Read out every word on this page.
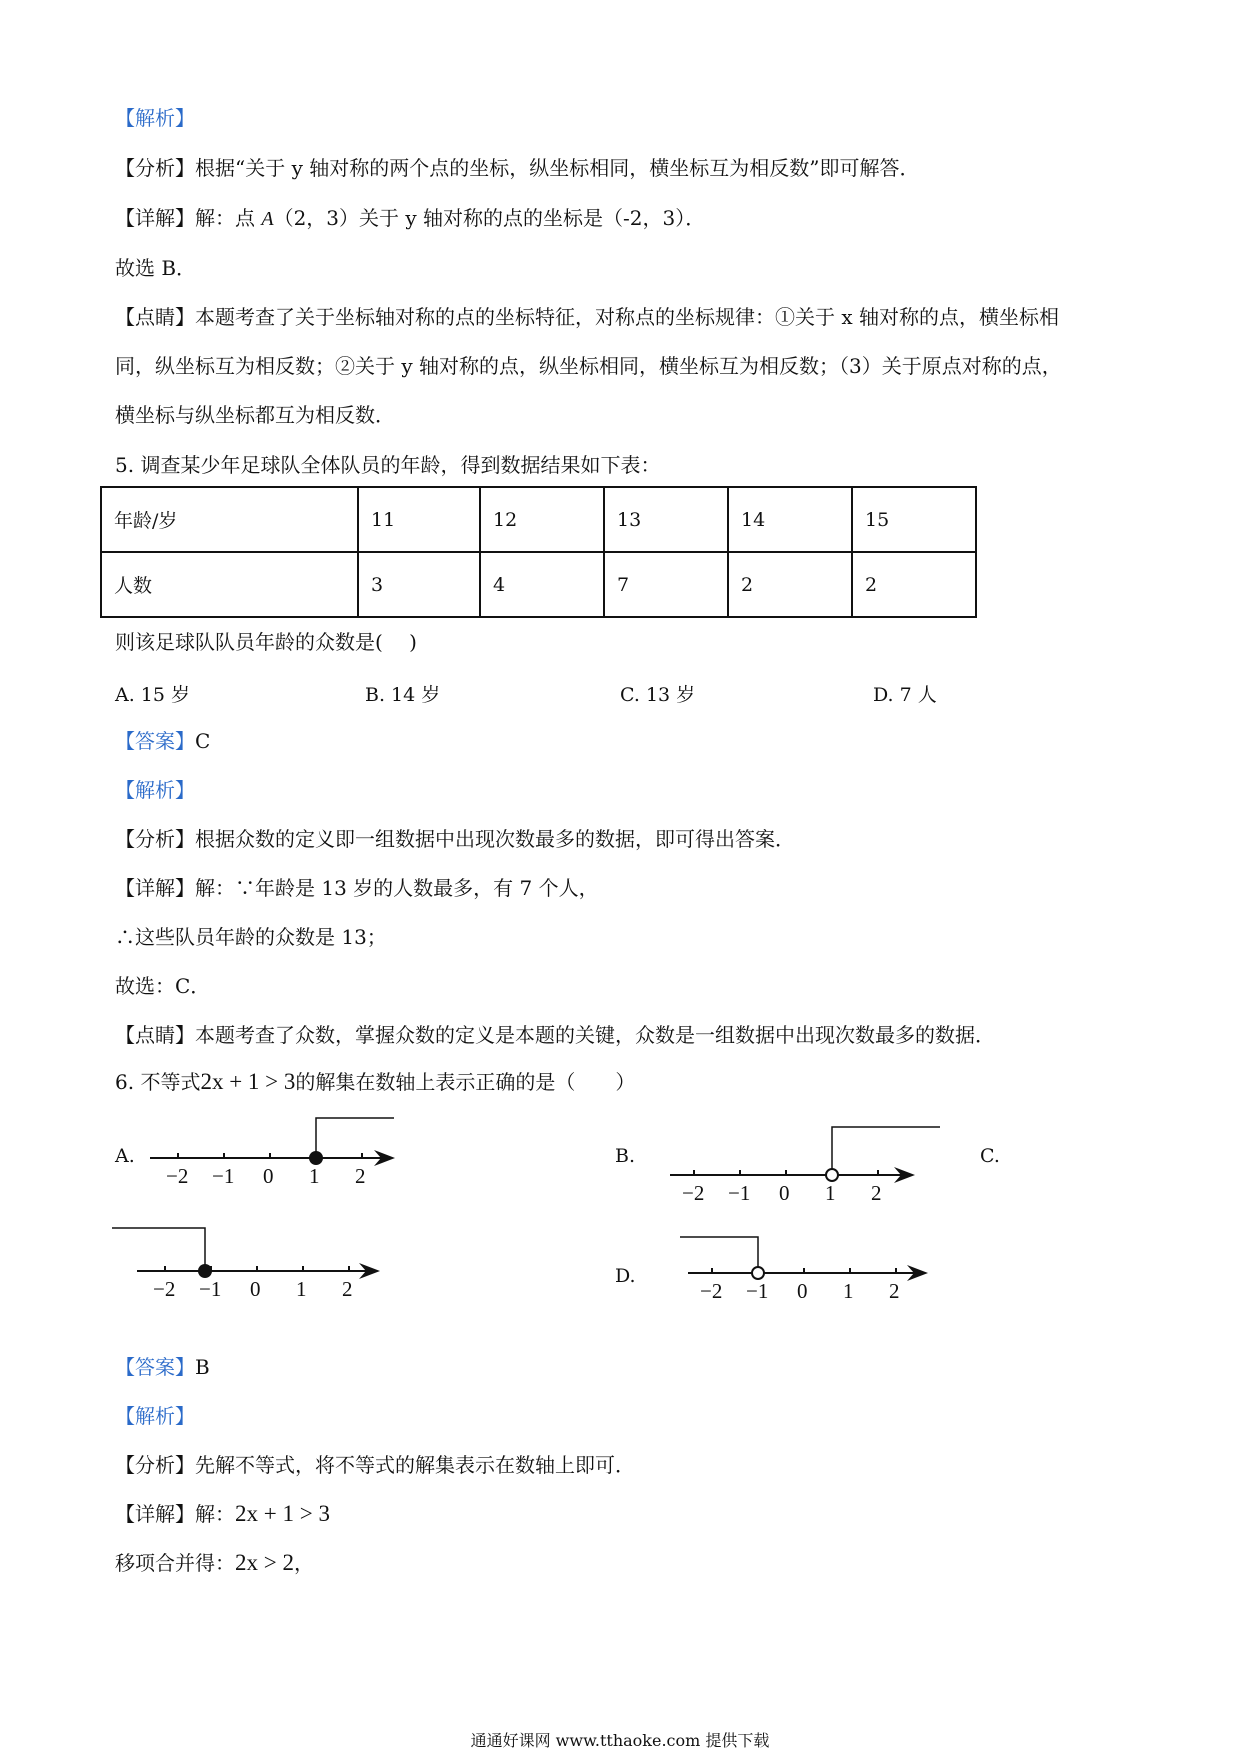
【解析】
【分析】根据“关于 y 轴对称的两个点的坐标，纵坐标相同，横坐标互为相反数”即可解答．
【详解】解：点 A（2，3）关于 y 轴对称的点的坐标是（-2，3）．
故选 B．
【点睛】本题考查了关于坐标轴对称的点的坐标特征，对称点的坐标规律：①关于 x 轴对称的点，横坐标相
同，纵坐标互为相反数；②关于 y 轴对称的点，纵坐标相同，横坐标互为相反数；（3）关于原点对称的点，
横坐标与纵坐标都互为相反数．
5. 调查某少年足球队全体队员的年龄，得到数据结果如下表：
年龄/岁	11	12	13	14	15
人数	3	4	7	2	2
则该足球队队员年龄的众数是(　 )
A. 15 岁	B. 14 岁	C. 13 岁	D. 7 人
【答案】C
【解析】
【分析】根据众数的定义即一组数据中出现次数最多的数据，即可得出答案．
【详解】解：∵年龄是 13 岁的人数最多，有 7 个人，
∴这些队员年龄的众数是 13；
故选：C．
【点睛】本题考查了众数，掌握众数的定义是本题的关键，众数是一组数据中出现次数最多的数据．
6. 不等式2x + 1 > 3的解集在数轴上表示正确的是（　　）
A.
−2 −1 0 1 2
B.
−2 −1 0 1 2
C.
−2 −1 0 1 2
D.
−2 −1 0 1 2
【答案】B
【解析】
【分析】先解不等式，将不等式的解集表示在数轴上即可．
【详解】解：2x + 1 > 3
移项合并得：2x > 2，
通通好课网 www.tthaoke.com 提供下载
